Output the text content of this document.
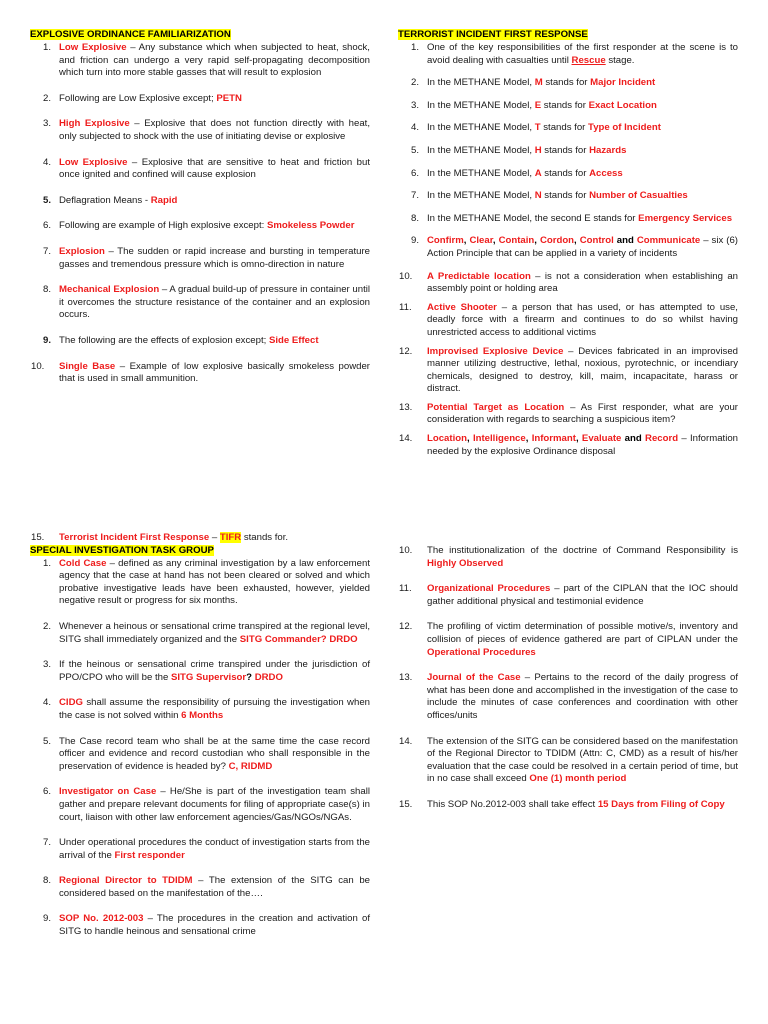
EXPLOSIVE ORDINANCE FAMILIARIZATION

1. Low Explosive – Any substance which when subjected to heat, shock, and friction can undergo a very rapid self-propagating decomposition which turn into more stable gasses that will result to explosion
2. Following are Low Explosive except; PETN
3. High Explosive – Explosive that does not function directly with heat, only subjected to shock with the use of initiating devise or explosive
4. Low Explosive – Explosive that are sensitive to heat and friction but once ignited and confined will cause explosion
5. Deflagration Means - Rapid
6. Following are example of High explosive except: Smokeless Powder
7. Explosion – The sudden or rapid increase and bursting in temperature gasses and tremendous pressure which is omno-direction in nature
8. Mechanical Explosion – A gradual build-up of pressure in container until it overcomes the structure resistance of the container and an explosion occurs.
9. The following are the effects of explosion except; Side Effect
10. Single Base – Example of low explosive basically smokeless powder that is used in small ammunition.

TERRORIST INCIDENT FIRST RESPONSE

1. One of the key responsibilities of the first responder at the scene is to avoid dealing with casualties until Rescue stage.
2. In the METHANE Model, M stands for Major Incident
3. In the METHANE Model, E stands for Exact Location
4. In the METHANE Model, T stands for Type of Incident
5. In the METHANE Model, H stands for Hazards
6. In the METHANE Model, A stands for Access
7. In the METHANE Model, N stands for Number of Casualties
8. In the METHANE Model, the second E stands for Emergency Services
9. Confirm, Clear, Contain, Cordon, Control and Communicate – six (6) Action Principle that can be applied in a variety of incidents
10. A Predictable location – is not a consideration when establishing an assembly point or holding area
11. Active Shooter – a person that has used, or has attempted to use, deadly force with a firearm and continues to do so whilst having unrestricted access to additional victims
12. Improvised Explosive Device – Devices fabricated in an improvised manner utilizing destructive, lethal, noxious, pyrotechnic, or incendiary chemicals, designed to destroy, kill, maim, incapacitate, harass or distract.
13. Potential Target as Location – As First responder, what are your consideration with regards to searching a suspicious item?
14. Location, Intelligence, Informant, Evaluate and Record – Information needed by the explosive Ordinance disposal
15. Terrorist Incident First Response – TIFR stands for.

SPECIAL INVESTIGATION TASK GROUP

1. Cold Case – defined as any criminal investigation by a law enforcement agency that the case at hand has not been cleared or solved and which probative investigative leads have been exhausted, however, yielded negative result or progress for six months.
2. Whenever a heinous or sensational crime transpired at the regional level, SITG shall immediately organized and the SITG Commander? DRDO
3. If the heinous or sensational crime transpired under the jurisdiction of PPO/CPO who will be the SITG Supervisor? DRDO
4. CIDG shall assume the responsibility of pursuing the investigation when the case is not solved within 6 Months
5. The Case record team who shall be at the same time the case record officer and evidence and record custodian who shall responsible in the preservation of evidence is headed by? C, RIDMD
6. Investigator on Case – He/She is part of the investigation team shall gather and prepare relevant documents for filing of appropriate case(s) in court, liaison with other law enforcement agencies/Gas/NGOs/NGAs.
7. Under operational procedures the conduct of investigation starts from the arrival of the First responder
8. Regional Director to TDIDM – The extension of the SITG can be considered based on the manifestation of the….
9. SOP No. 2012-003 – The procedures in the creation and activation of SITG to handle heinous and sensational crime
10. The institutionalization of the doctrine of Command Responsibility is Highly Observed
11. Organizational Procedures – part of the CIPLAN that the IOC should gather additional physical and testimonial evidence
12. The profiling of victim determination of possible motive/s, inventory and collision of pieces of evidence gathered are part of CIPLAN under the Operational Procedures
13. Journal of the Case – Pertains to the record of the daily progress of what has been done and accomplished in the investigation of the case to include the minutes of case conferences and coordination with other offices/units
14. The extension of the SITG can be considered based on the manifestation of the Regional Director to TDIDM (Attn: C, CMD) as a result of his/her evaluation that the case could be resolved in a certain period of time, but in no case shall exceed One (1) month period
15. This SOP No.2012-003 shall take effect 15 Days from Filing of Copy
